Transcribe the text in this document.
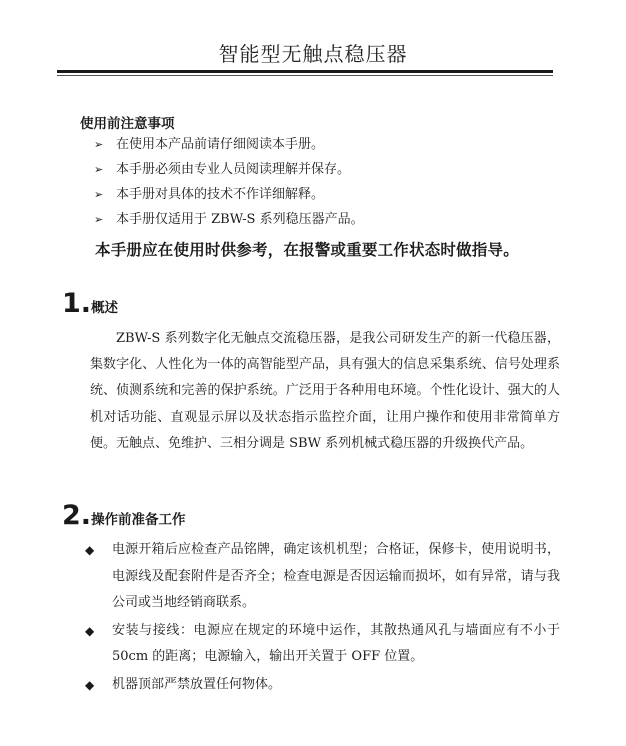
智能型无触点稳压器
使用前注意事项
➢ 在使用本产品前请仔细阅读本手册。
➢ 本手册必须由专业人员阅读理解并保存。
➢ 本手册对具体的技术不作详细解释。
➢ 本手册仅适用于 ZBW-S 系列稳压器产品。
本手册应在使用时供参考，在报警或重要工作状态时做指导。
1.概述

ZBW-S 系列数字化无触点交流稳压器，是我公司研发生产的新一代稳压器，集数字化、人性化为一体的高智能型产品，具有强大的信息采集系统、信号处理系统、侦测系统和完善的保护系统。广泛用于各种用电环境。个性化设计、强大的人机对话功能、直观显示屏以及状态指示监控介面，让用户操作和使用非常简单方便。无触点、免维护、三相分调是 SBW 系列机械式稳压器的升级换代产品。

2.操作前准备工作
◆ 电源开箱后应检查产品铭牌，确定该机机型；合格证，保修卡，使用说明书，电源线及配套附件是否齐全；检查电源是否因运输而损坏，如有异常，请与我公司或当地经销商联系。
◆ 安装与接线：电源应在规定的环境中运作，其散热通风孔与墙面应有不小于 50cm 的距离；电源输入，输出开关置于 OFF 位置。
◆ 机器顶部严禁放置任何物体。
